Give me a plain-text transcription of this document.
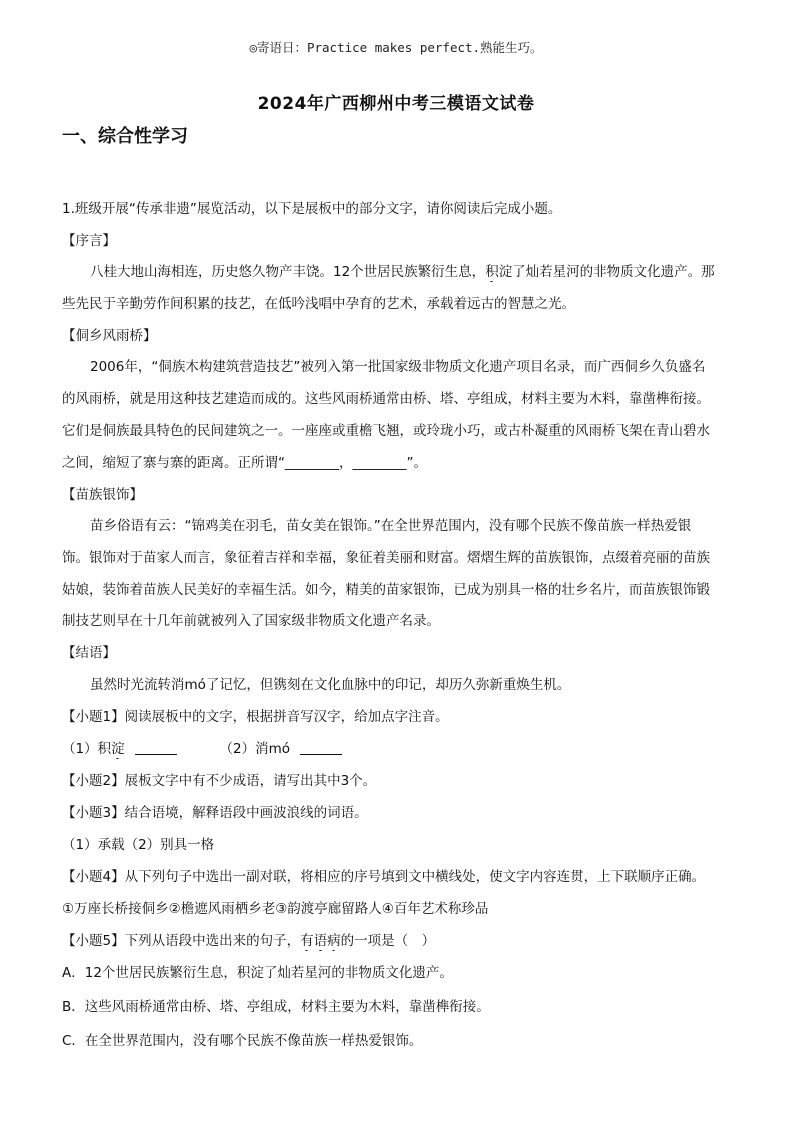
◎寄语日：Practice makes perfect.熟能生巧。
2024年广西柳州中考三模语文试卷
一、综合性学习
1.班级开展“传承非遗”展览活动，以下是展板中的部分文字，请你阅读后完成小题。
【序言】
八桂大地山海相连，历史悠久物产丰饶。12个世居民族繁衍生息，积淀了灿若星河的非物质文化遗产。那
些先民于辛勤劳作间积累的技艺，在低吟浅唱中孕育的艺术，承载着远古的智慧之光。
【侗乡风雨桥】
2006年，“侗族木构建筑营造技艺”被列入第一批国家级非物质文化遗产项目名录，而广西侗乡久负盛名
的风雨桥，就是用这种技艺建造而成的。这些风雨桥通常由桥、塔、亭组成，材料主要为木料，靠凿榫衔接。
它们是侗族最具特色的民间建筑之一。一座座或重檐飞翘，或玲珑小巧，或古朴凝重的风雨桥飞架在青山碧水
之间，缩短了寨与寨的距离。正所谓“________，________”。
【苗族银饰】
苗乡俗语有云：“锦鸡美在羽毛，苗女美在银饰。”在全世界范围内，没有哪个民族不像苗族一样热爱银
饰。银饰对于苗家人而言，象征着吉祥和幸福，象征着美丽和财富。熠熠生辉的苗族银饰，点缀着亮丽的苗族
姑娘，装饰着苗族人民美好的幸福生活。如今，精美的苗家银饰，已成为别具一格的壮乡名片，而苗族银饰锻
制技艺则早在十几年前就被列入了国家级非物质文化遗产名录。
【结语】
虽然时光流转消mó了记忆，但镌刻在文化血脉中的印记，却历久弥新重焕生机。
【小题1】阅读展板中的文字，根据拼音写汉字，给加点字注音。
（1）积淀	（2）消mó
【小题2】展板文字中有不少成语，请写出其中3个。
【小题3】结合语境，解释语段中画波浪线的词语。
（1）承载（2）别具一格
【小题4】从下列句子中选出一副对联，将相应的序号填到文中横线处，使文字内容连贯，上下联顺序正确。
①万座长桥接侗乡②檐遮风雨栖乡老③韵渡亭廊留路人④百年艺术称珍品
【小题5】下列从语段中选出来的句子，有语病的一项是（　）
A．12个世居民族繁衍生息，积淀了灿若星河的非物质文化遗产。
B．这些风雨桥通常由桥、塔、亭组成，材料主要为木料，靠凿榫衔接。
C．在全世界范围内，没有哪个民族不像苗族一样热爱银饰。
